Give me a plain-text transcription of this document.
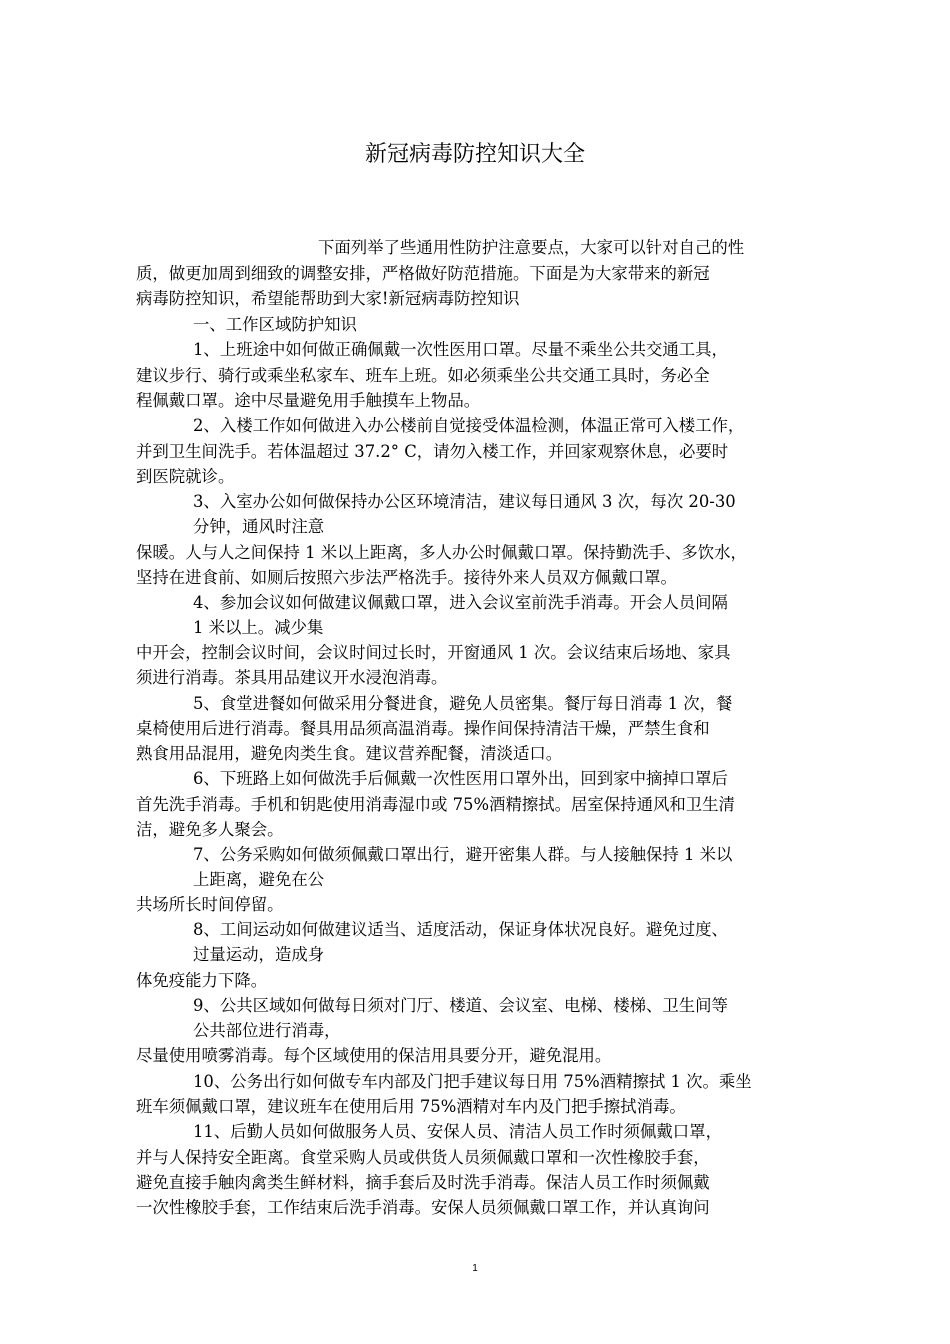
新冠病毒防控知识大全
下面列举了些通用性防护注意要点，大家可以针对自己的性
质，做更加周到细致的调整安排，严格做好防范措施。下面是为大家带来的新冠
病毒防控知识，希望能帮助到大家!新冠病毒防控知识
一、工作区域防护知识
1、上班途中如何做正确佩戴一次性医用口罩。尽量不乘坐公共交通工具，
建议步行、骑行或乘坐私家车、班车上班。如必须乘坐公共交通工具时，务必全
程佩戴口罩。途中尽量避免用手触摸车上物品。
2、入楼工作如何做进入办公楼前自觉接受体温检测，体温正常可入楼工作，
并到卫生间洗手。若体温超过 37.2° C，请勿入楼工作，并回家观察休息，必要时
到医院就诊。
3、入室办公如何做保持办公区环境清洁，建议每日通风 3 次，每次 20-30
分钟，通风时注意
保暖。人与人之间保持 1 米以上距离，多人办公时佩戴口罩。保持勤洗手、多饮水，
坚持在进食前、如厕后按照六步法严格洗手。接待外来人员双方佩戴口罩。
4、参加会议如何做建议佩戴口罩，进入会议室前洗手消毒。开会人员间隔
1 米以上。减少集
中开会，控制会议时间，会议时间过长时，开窗通风 1 次。会议结束后场地、家具
须进行消毒。茶具用品建议开水浸泡消毒。
5、食堂进餐如何做采用分餐进食，避免人员密集。餐厅每日消毒 1 次，餐
桌椅使用后进行消毒。餐具用品须高温消毒。操作间保持清洁干燥，严禁生食和
熟食用品混用，避免肉类生食。建议营养配餐，清淡适口。
6、下班路上如何做洗手后佩戴一次性医用口罩外出，回到家中摘掉口罩后
首先洗手消毒。手机和钥匙使用消毒湿巾或 75%酒精擦拭。居室保持通风和卫生清
洁，避免多人聚会。
7、公务采购如何做须佩戴口罩出行，避开密集人群。与人接触保持 1 米以
上距离，避免在公
共场所长时间停留。
8、工间运动如何做建议适当、适度活动，保证身体状况良好。避免过度、
过量运动，造成身
体免疫能力下降。
9、公共区域如何做每日须对门厅、楼道、会议室、电梯、楼梯、卫生间等
公共部位进行消毒，
尽量使用喷雾消毒。每个区域使用的保洁用具要分开，避免混用。
10、公务出行如何做专车内部及门把手建议每日用 75%酒精擦拭 1 次。乘坐
班车须佩戴口罩，建议班车在使用后用 75%酒精对车内及门把手擦拭消毒。
11、后勤人员如何做服务人员、安保人员、清洁人员工作时须佩戴口罩，
并与人保持安全距离。食堂采购人员或供货人员须佩戴口罩和一次性橡胶手套，
避免直接手触肉禽类生鲜材料，摘手套后及时洗手消毒。保洁人员工作时须佩戴
一次性橡胶手套，工作结束后洗手消毒。安保人员须佩戴口罩工作，并认真询问
1
